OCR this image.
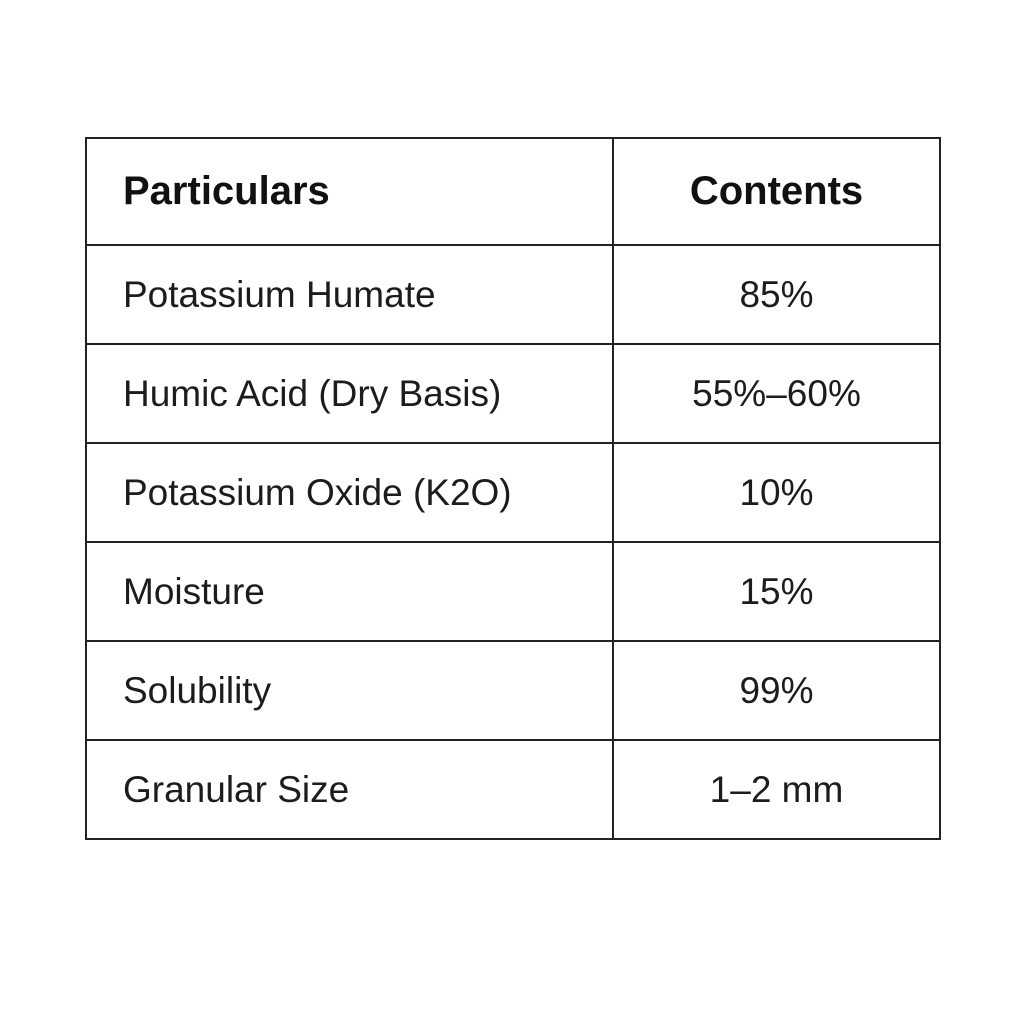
Particulars	Contents
Potassium Humate	85%
Humic Acid (Dry Basis)	55%–60%
Potassium Oxide (K2O)	10%
Moisture	15%
Solubility	99%
Granular Size	1–2 mm
